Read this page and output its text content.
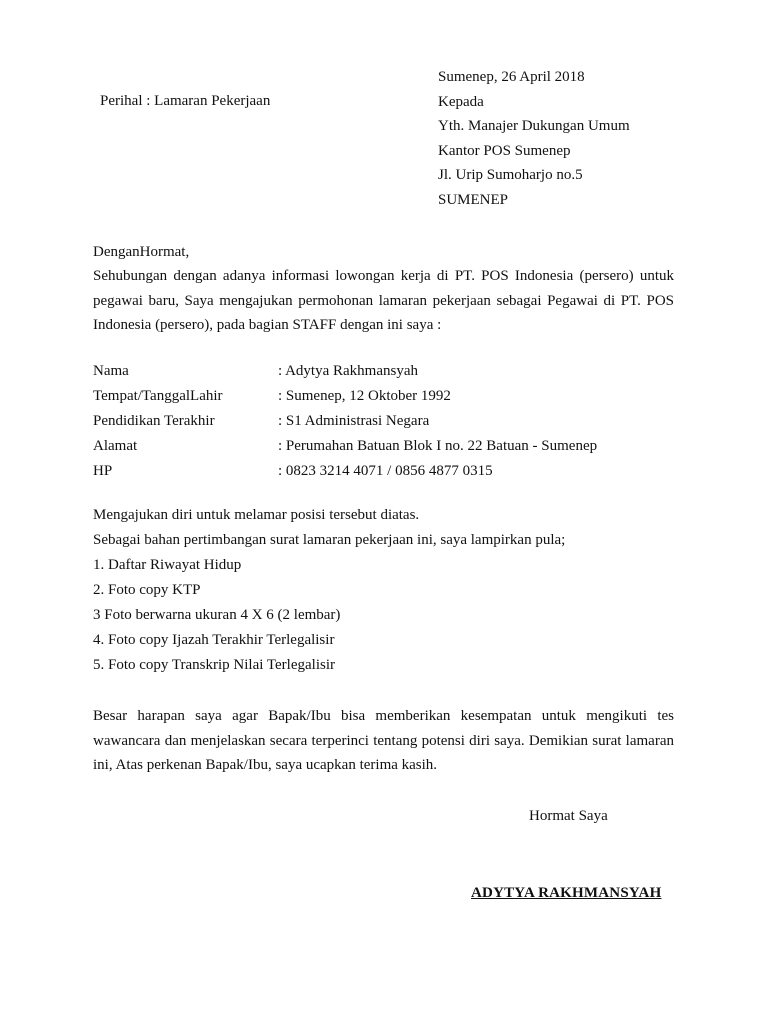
Sumenep, 26 April 2018
Kepada
Yth. Manajer Dukungan Umum
Kantor POS Sumenep
Jl. Urip Sumoharjo no.5
SUMENEP
Perihal : Lamaran Pekerjaan
DenganHormat,
Sehubungan dengan adanya informasi lowongan kerja di PT. POS Indonesia (persero) untuk pegawai baru, Saya mengajukan permohonan lamaran pekerjaan sebagai Pegawai di PT. POS Indonesia (persero), pada bagian STAFF dengan ini saya :
Nama	: Adytya Rakhmansyah
Tempat/TanggalLahir	: Sumenep, 12 Oktober 1992
Pendidikan Terakhir	: S1 Administrasi Negara
Alamat	: Perumahan Batuan Blok I no. 22 Batuan - Sumenep
HP	: 0823 3214 4071 / 0856 4877 0315
Mengajukan diri untuk melamar posisi tersebut diatas.
Sebagai bahan pertimbangan surat lamaran pekerjaan ini, saya lampirkan pula;
1. Daftar Riwayat Hidup
2. Foto copy KTP
3 Foto berwarna ukuran 4 X 6 (2 lembar)
4. Foto copy Ijazah Terakhir Terlegalisir
5. Foto copy Transkrip Nilai Terlegalisir
Besar harapan saya agar Bapak/Ibu bisa memberikan kesempatan untuk mengikuti tes wawancara dan menjelaskan secara terperinci tentang potensi diri saya. Demikian surat lamaran ini, Atas perkenan Bapak/Ibu, saya ucapkan terima kasih.
Hormat Saya
ADYTYA RAKHMANSYAH
